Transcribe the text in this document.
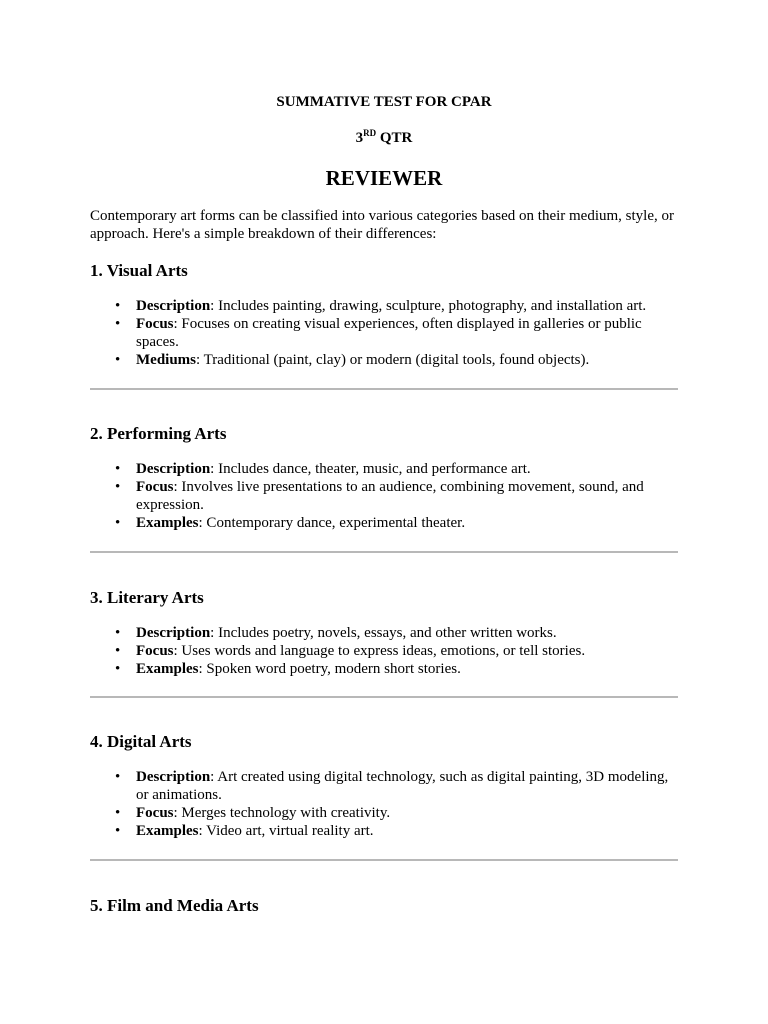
SUMMATIVE TEST FOR CPAR
3RD QTR
REVIEWER

Contemporary art forms can be classified into various categories based on their medium, style, or approach. Here's a simple breakdown of their differences:

1. Visual Arts
• Description: Includes painting, drawing, sculpture, photography, and installation art.
• Focus: Focuses on creating visual experiences, often displayed in galleries or public spaces.
• Mediums: Traditional (paint, clay) or modern (digital tools, found objects).
2. Performing Arts
• Description: Includes dance, theater, music, and performance art.
• Focus: Involves live presentations to an audience, combining movement, sound, and expression.
• Examples: Contemporary dance, experimental theater.
3. Literary Arts
• Description: Includes poetry, novels, essays, and other written works.
• Focus: Uses words and language to express ideas, emotions, or tell stories.
• Examples: Spoken word poetry, modern short stories.
4. Digital Arts
• Description: Art created using digital technology, such as digital painting, 3D modeling, or animations.
• Focus: Merges technology with creativity.
• Examples: Video art, virtual reality art.
5. Film and Media Arts
